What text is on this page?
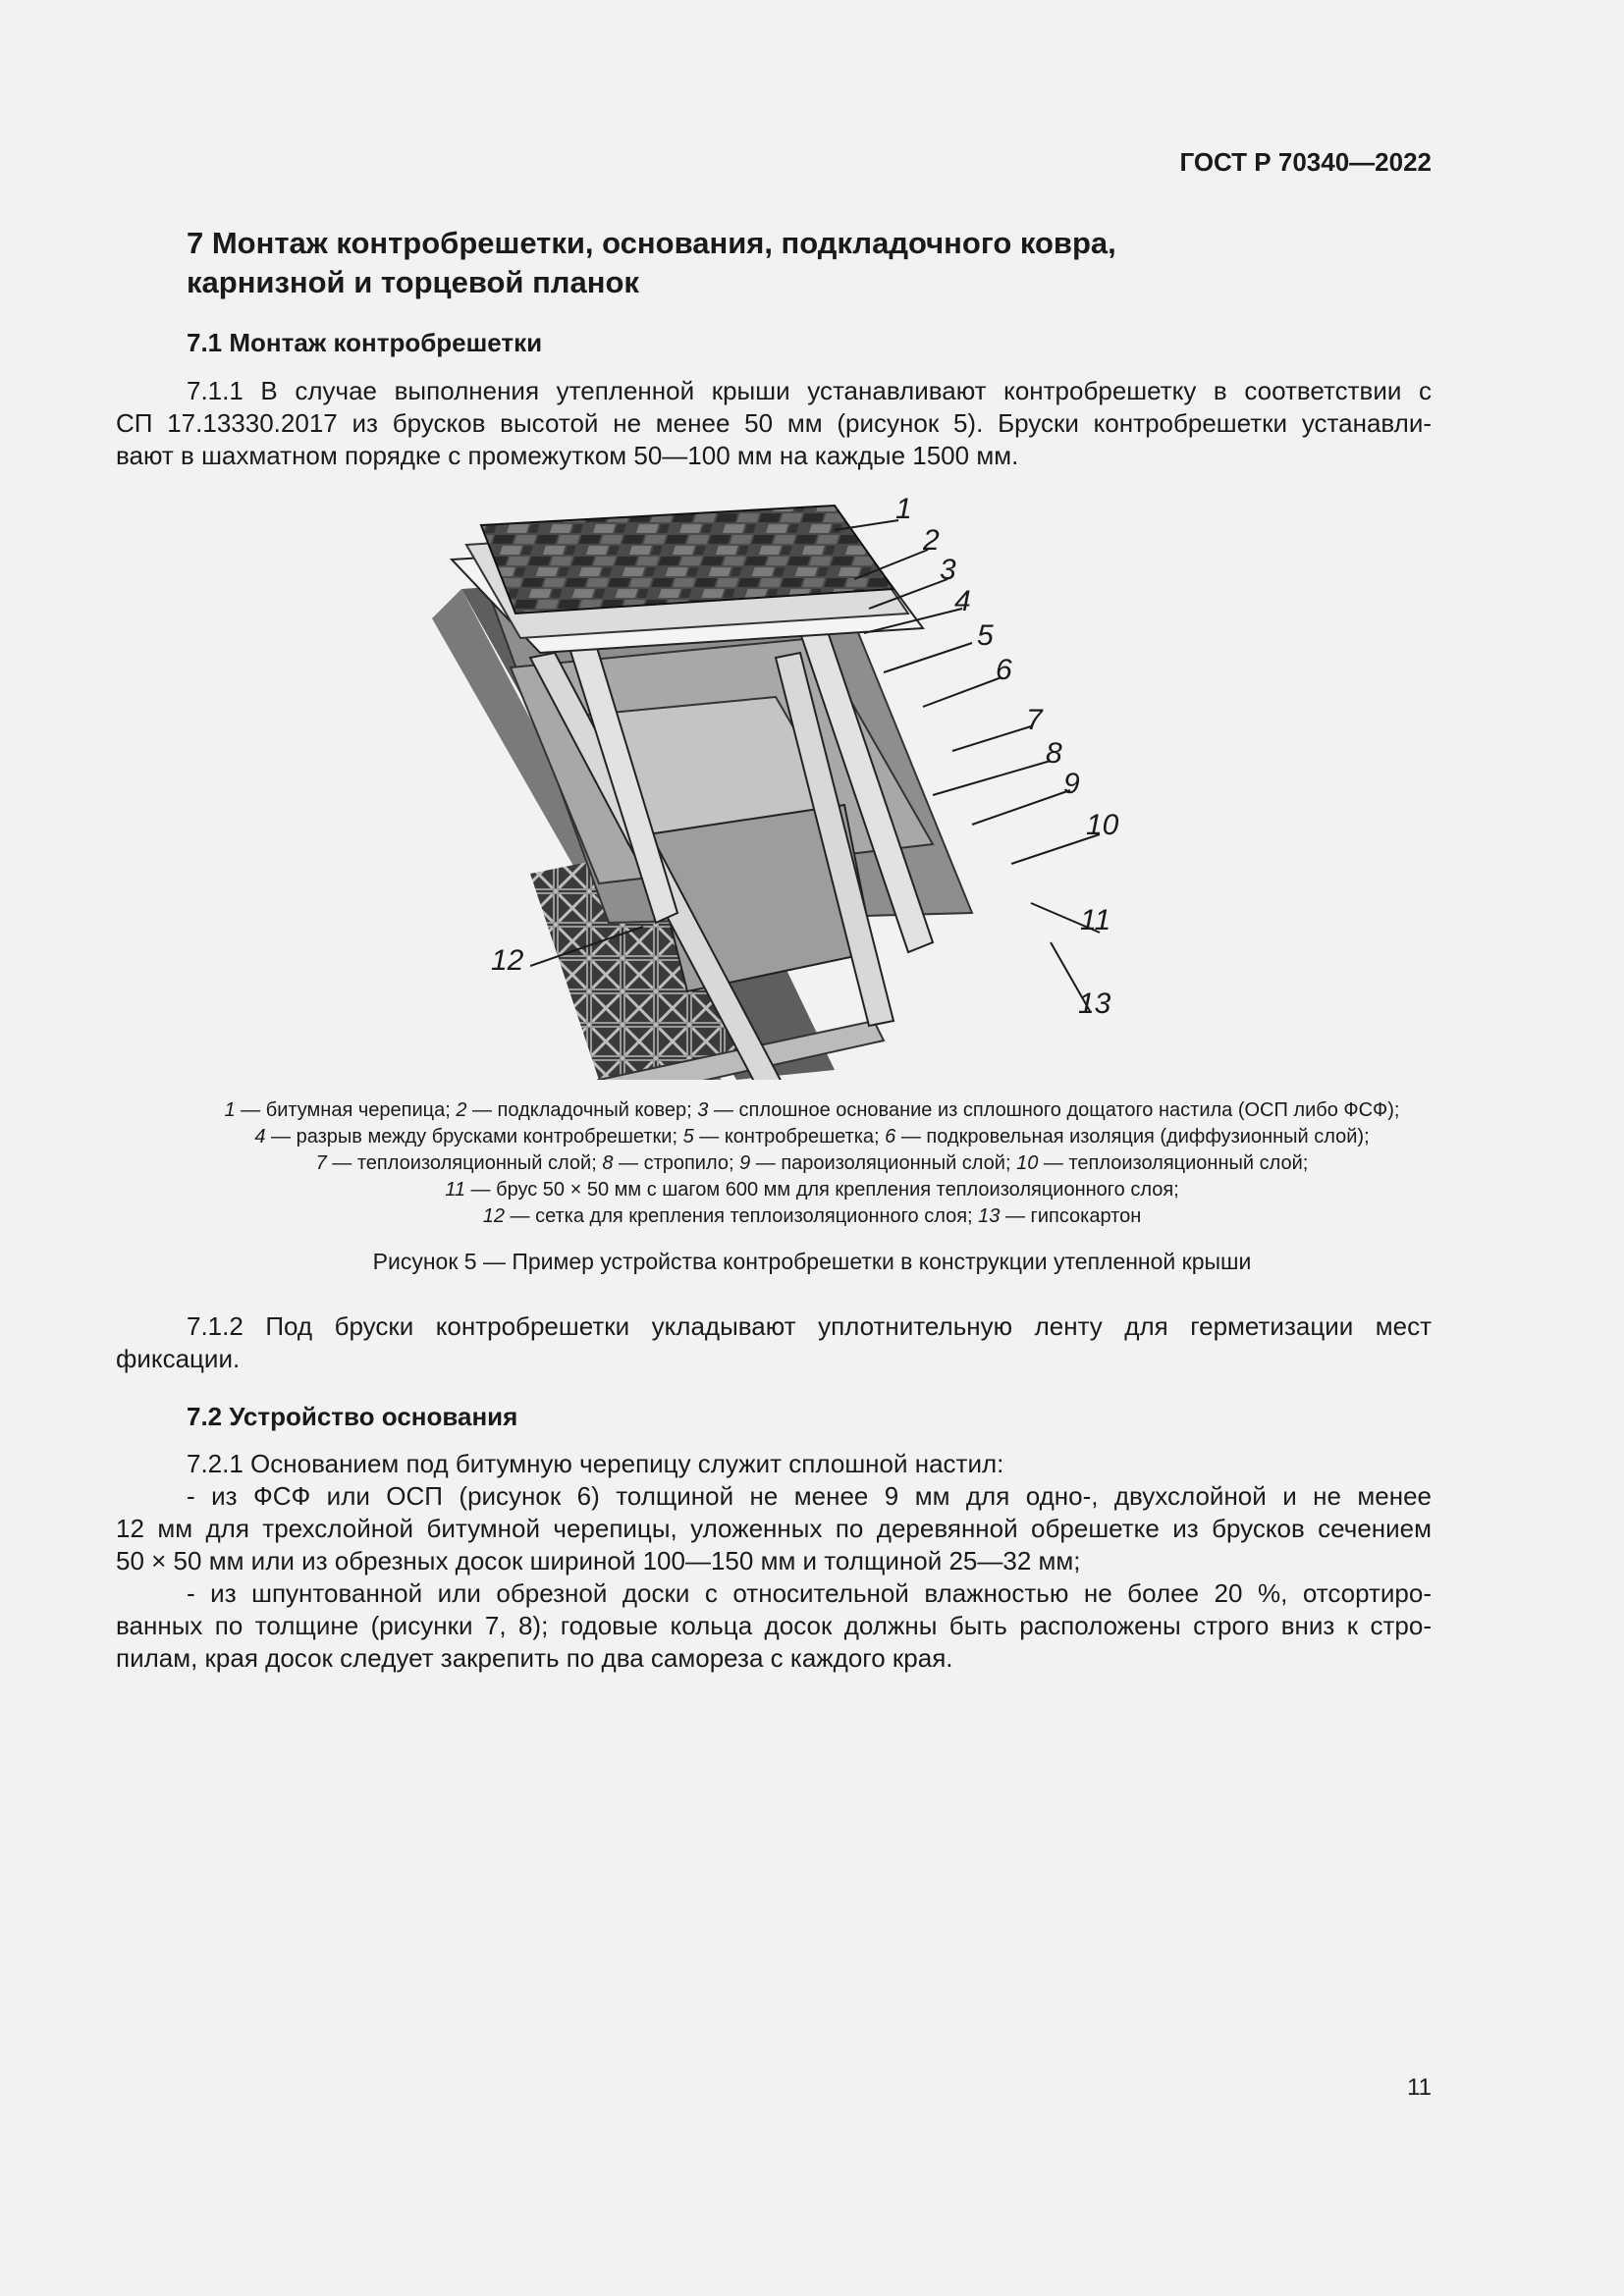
ГОСТ Р 70340—2022
7 Монтаж контробрешетки, основания, подкладочного ковра,
карнизной и торцевой планок
7.1 Монтаж контробрешетки
7.1.1 В случае выполнения утепленной крыши устанавливают контробрешетку в соответствии с
СП 17.13330.2017 из брусков высотой не менее 50 мм (рисунок 5). Бруски контробрешетки устанавли-
вают в шахматном порядке с промежутком 50—100 мм на каждые 1500 мм.
1
2
3
4
5
6
7
8
9
10
11
13
12
1 — битумная черепица; 2 — подкладочный ковер; 3 — сплошное основание из сплошного дощатого настила (ОСП либо ФСФ);
4 — разрыв между брусками контробрешетки; 5 — контробрешетка; 6 — подкровельная изоляция (диффузионный слой);
7 — теплоизоляционный слой; 8 — стропило; 9 — пароизоляционный слой; 10 — теплоизоляционный слой;
11 — брус 50 × 50 мм с шагом 600 мм для крепления теплоизоляционного слоя;
12 — сетка для крепления теплоизоляционного слоя; 13 — гипсокартон
Рисунок 5 — Пример устройства контробрешетки в конструкции утепленной крыши
7.1.2 Под бруски контробрешетки укладывают уплотнительную ленту для герметизации мест
фиксации.
7.2 Устройство основания
7.2.1 Основанием под битумную черепицу служит сплошной настил:
- из ФСФ или ОСП (рисунок 6) толщиной не менее 9 мм для одно-, двухслойной и не менее
12 мм для трехслойной битумной черепицы, уложенных по деревянной обрешетке из брусков сечением
50 × 50 мм или из обрезных досок шириной 100—150 мм и толщиной 25—32 мм;
- из шпунтованной или обрезной доски с относительной влажностью не более 20 %, отсортиро-
ванных по толщине (рисунки 7, 8); годовые кольца досок должны быть расположены строго вниз к стро-
пилам, края досок следует закрепить по два самореза с каждого края.
11
